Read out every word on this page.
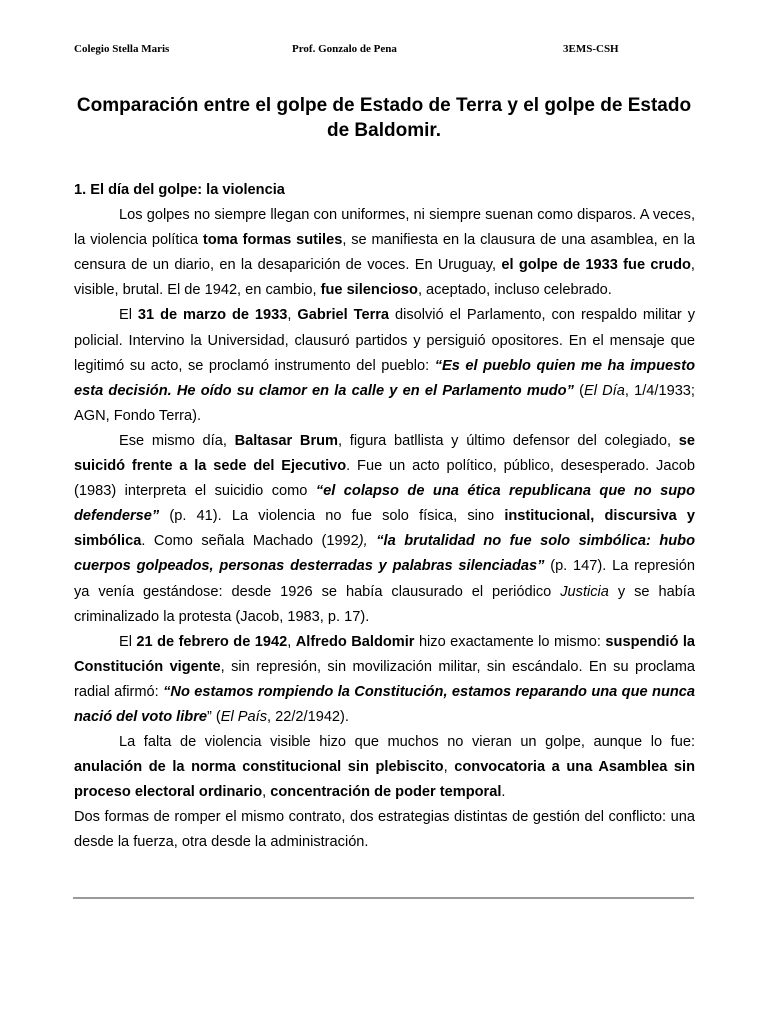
Colegio Stella Maris	Prof. Gonzalo de Pena	3EMS-CSH
Comparación entre el golpe de Estado de Terra y el golpe de Estado de Baldomir.

1. El día del golpe: la violencia

Los golpes no siempre llegan con uniformes, ni siempre suenan como disparos. A veces, la violencia política toma formas sutiles, se manifiesta en la clausura de una asamblea, en la censura de un diario, en la desaparición de voces. En Uruguay, el golpe de 1933 fue crudo, visible, brutal. El de 1942, en cambio, fue silencioso, aceptado, incluso celebrado.

El 31 de marzo de 1933, Gabriel Terra disolvió el Parlamento, con respaldo militar y policial. Intervino la Universidad, clausuró partidos y persiguió opositores. En el mensaje que legitimó su acto, se proclamó instrumento del pueblo: “Es el pueblo quien me ha impuesto esta decisión. He oído su clamor en la calle y en el Parlamento mudo” (El Día, 1/4/1933; AGN, Fondo Terra).

Ese mismo día, Baltasar Brum, figura batllista y último defensor del colegiado, se suicidó frente a la sede del Ejecutivo. Fue un acto político, público, desesperado. Jacob (1983) interpreta el suicidio como “el colapso de una ética republicana que no supo defenderse” (p. 41). La violencia no fue solo física, sino institucional, discursiva y simbólica. Como señala Machado (1992), “la brutalidad no fue solo simbólica: hubo cuerpos golpeados, personas desterradas y palabras silenciadas” (p. 147). La represión ya venía gestándose: desde 1926 se había clausurado el periódico Justicia y se había criminalizado la protesta (Jacob, 1983, p. 17).

El 21 de febrero de 1942, Alfredo Baldomir hizo exactamente lo mismo: suspendió la Constitución vigente, sin represión, sin movilización militar, sin escándalo. En su proclama radial afirmó: “No estamos rompiendo la Constitución, estamos reparando una que nunca nació del voto libre” (El País, 22/2/1942).

La falta de violencia visible hizo que muchos no vieran un golpe, aunque lo fue: anulación de la norma constitucional sin plebiscito, convocatoria a una Asamblea sin proceso electoral ordinario, concentración de poder temporal.

Dos formas de romper el mismo contrato, dos estrategias distintas de gestión del conflicto: una desde la fuerza, otra desde la administración.
